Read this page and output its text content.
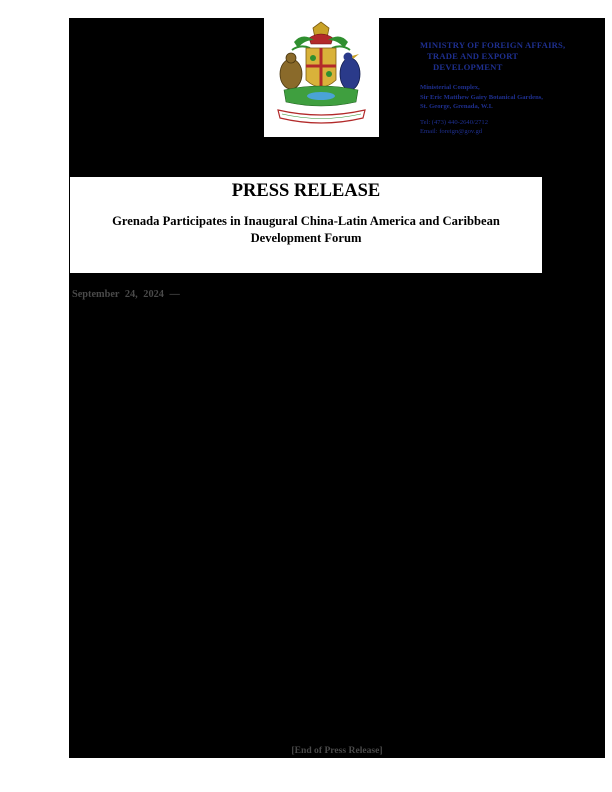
MINISTRY OF FOREIGN AFFAIRS,
TRADE AND EXPORT
DEVELOPMENT
Ministerial Complex,
Sir Eric Matthew Gairy Botanical Gardens,
St. George, Grenada, W.I.
Tel: (473) 440-2640/2712
Email: foreign@gov.gd
PRESS RELEASE
Grenada Participates in Inaugural China-Latin America and Caribbean Development Forum
September 24, 2024 —
[End of Press Release]
